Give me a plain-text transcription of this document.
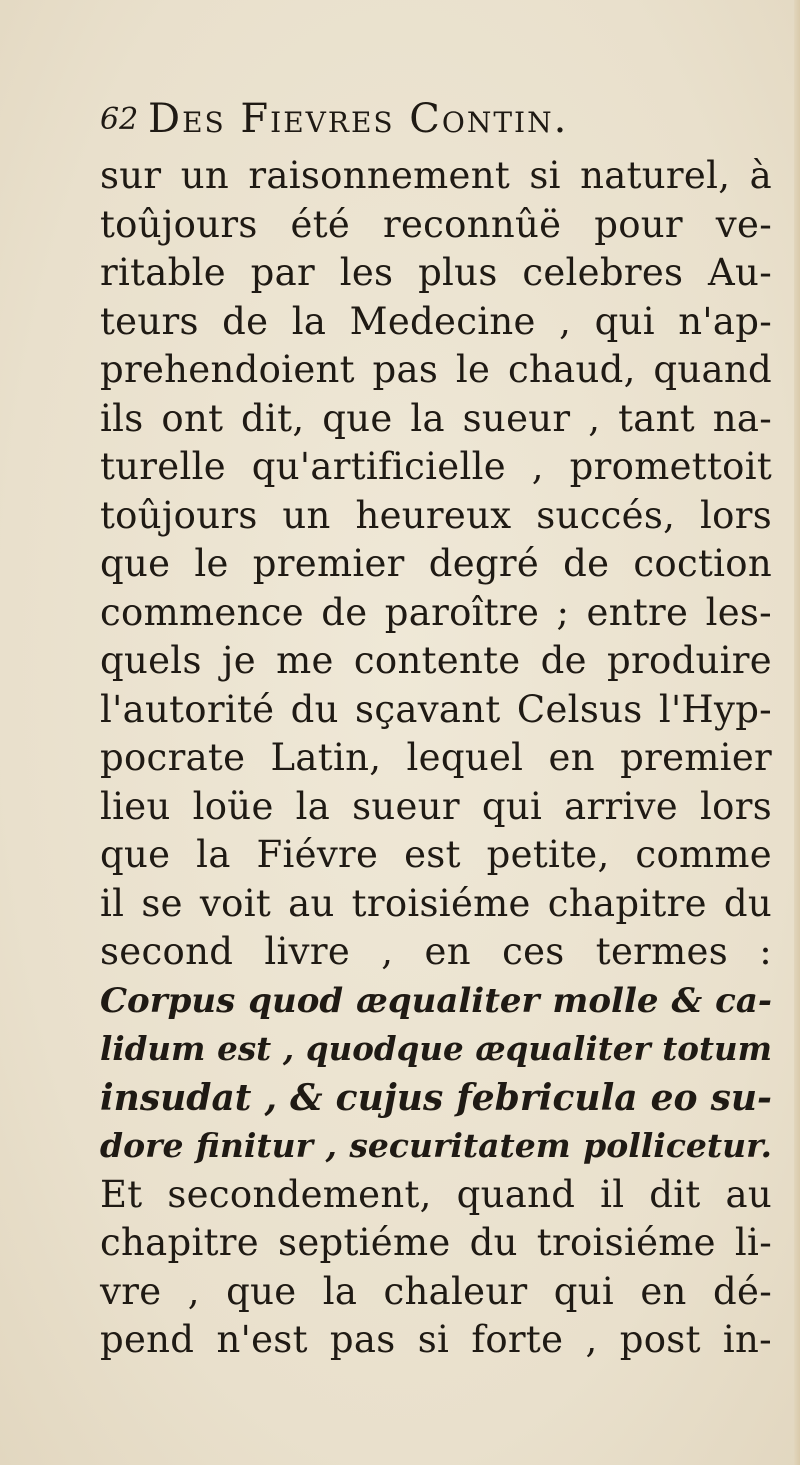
62 Des Fievres Contin.
sur un raisonnement si naturel, à
toûjours été reconnûë pour ve-
ritable par les plus celebres Au-
teurs de la Medecine , qui n'ap-
prehendoient pas le chaud, quand
ils ont dit, que la sueur , tant na-
turelle qu'artificielle , promettoit
toûjours un heureux succés, lors
que le premier degré de coction
commence de paroître ; entre les-
quels je me contente de produire
l'autorité du sçavant Celsus l'Hyp-
pocrate Latin, lequel en premier
lieu loüe la sueur qui arrive lors
que la Fiévre est petite, comme
il se voit au troisiéme chapitre du
second livre , en ces termes :
Corpus quod æqualiter molle & ca-
lidum est , quodque æqualiter totum
insudat , & cujus febricula eo su-
dore finitur , securitatem pollicetur.
Et secondement, quand il dit au
chapitre septiéme du troisiéme li-
vre , que la chaleur qui en dé-
pend n'est pas si forte , post in-
